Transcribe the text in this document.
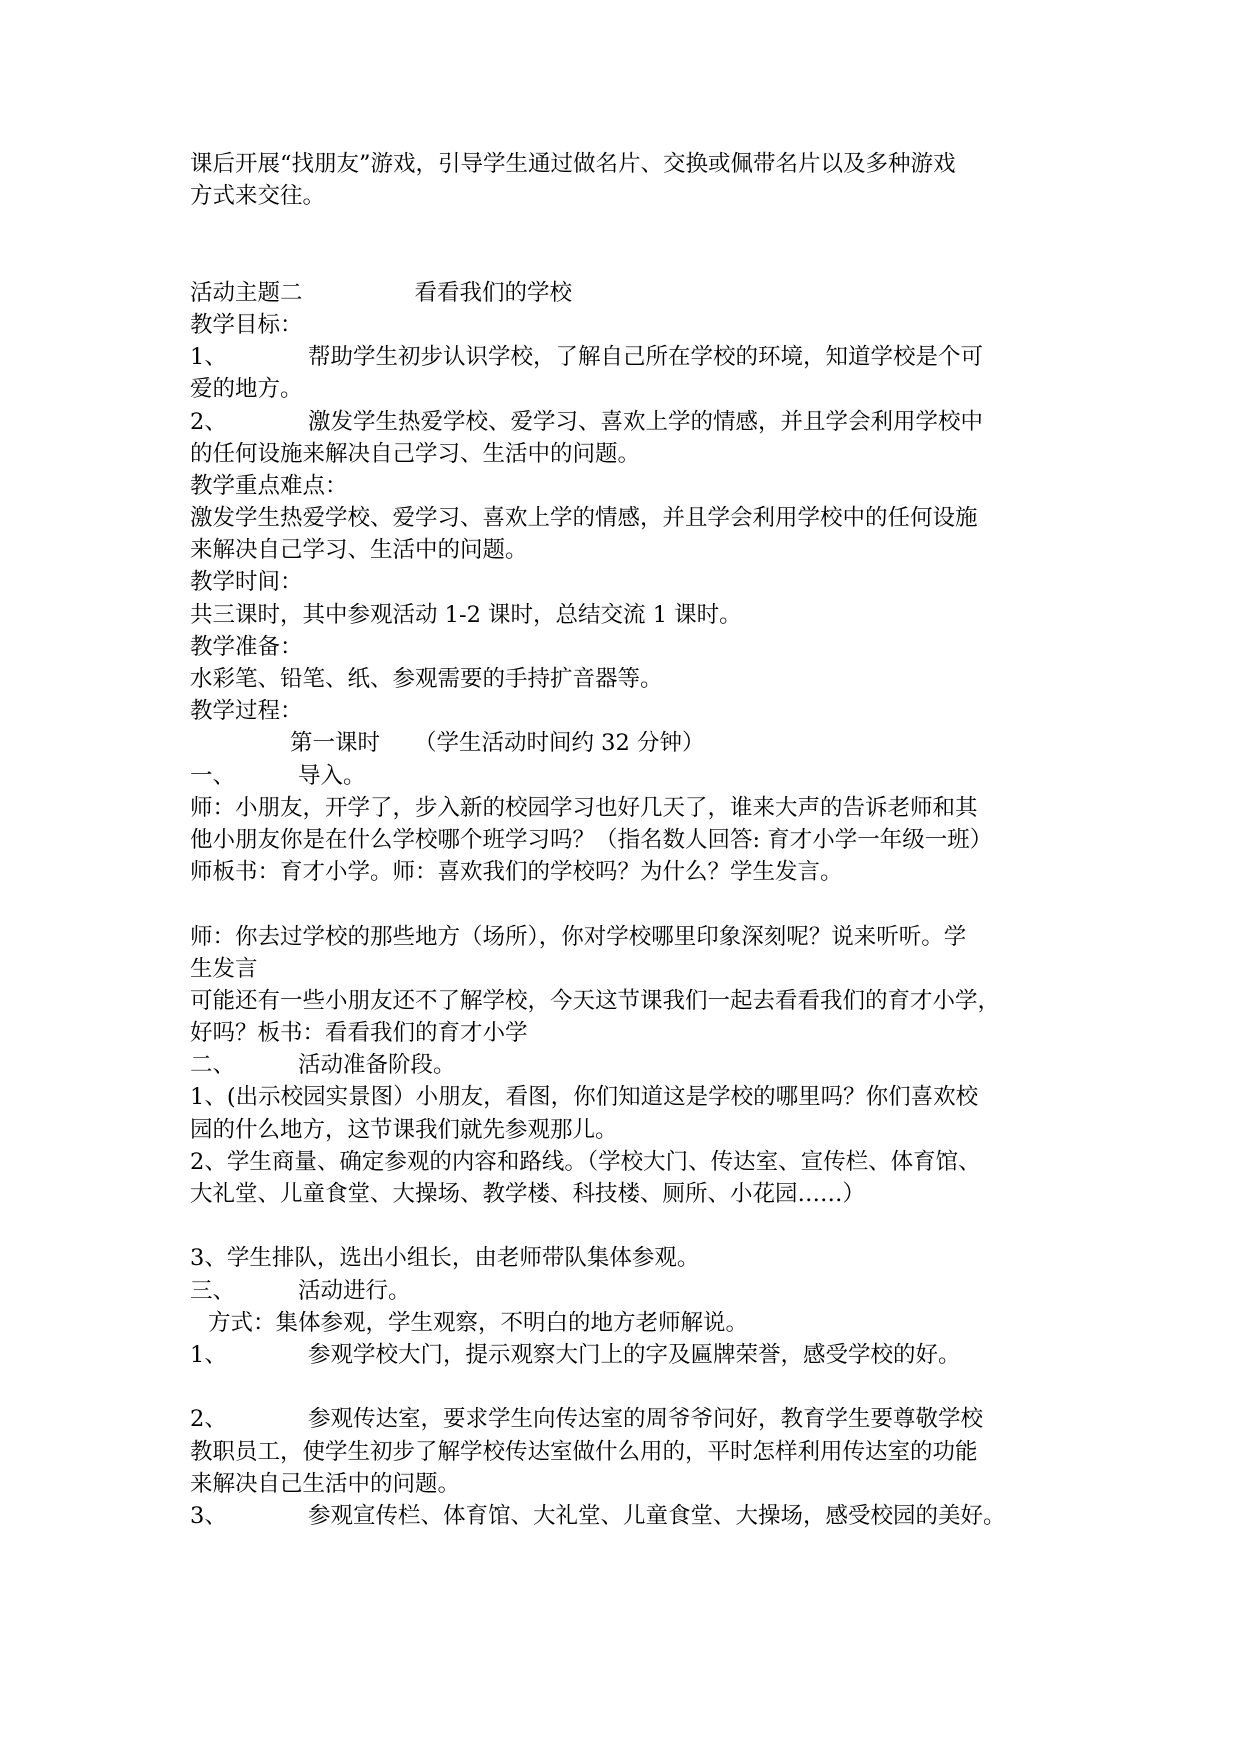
课后开展“找朋友”游戏，引导学生通过做名片、交换或佩带名片以及多种游戏
方式来交往。
活动主题二	看看我们的学校
教学目标：
1、	帮助学生初步认识学校，了解自己所在学校的环境，知道学校是个可
爱的地方。
2、	激发学生热爱学校、爱学习、喜欢上学的情感，并且学会利用学校中
的任何设施来解决自己学习、生活中的问题。
教学重点难点：
激发学生热爱学校、爱学习、喜欢上学的情感，并且学会利用学校中的任何设施
来解决自己学习、生活中的问题。
教学时间：
共三课时，其中参观活动 1-2 课时，总结交流 1 课时。
教学准备：
水彩笔、铅笔、纸、参观需要的手持扩音器等。
教学过程：
第一课时 （学生活动时间约 32 分钟）
一、	导入。
师：小朋友，开学了，步入新的校园学习也好几天了，谁来大声的告诉老师和其
他小朋友你是在什么学校哪个班学习吗？（指名数人回答: 育才小学一年级一班）
师板书：育才小学。师：喜欢我们的学校吗？为什么？学生发言。
师：你去过学校的那些地方（场所），你对学校哪里印象深刻呢？说来听听。学
生发言
可能还有一些小朋友还不了解学校，今天这节课我们一起去看看我们的育才小学，
好吗？板书：看看我们的育才小学
二、	活动准备阶段。
1、(出示校园实景图）小朋友，看图，你们知道这是学校的哪里吗？你们喜欢校
园的什么地方，这节课我们就先参观那儿。
2、学生商量、确定参观的内容和路线。（学校大门、传达室、宣传栏、体育馆、
大礼堂、儿童食堂、大操场、教学楼、科技楼、厕所、小花园……）
3、学生排队，选出小组长，由老师带队集体参观。
三、	活动进行。
方式：集体参观，学生观察，不明白的地方老师解说。
1、	参观学校大门，提示观察大门上的字及匾牌荣誉，感受学校的好。
2、	参观传达室，要求学生向传达室的周爷爷问好，教育学生要尊敬学校
教职员工，使学生初步了解学校传达室做什么用的，平时怎样利用传达室的功能
来解决自己生活中的问题。
3、	参观宣传栏、体育馆、大礼堂、儿童食堂、大操场，感受校园的美好。
